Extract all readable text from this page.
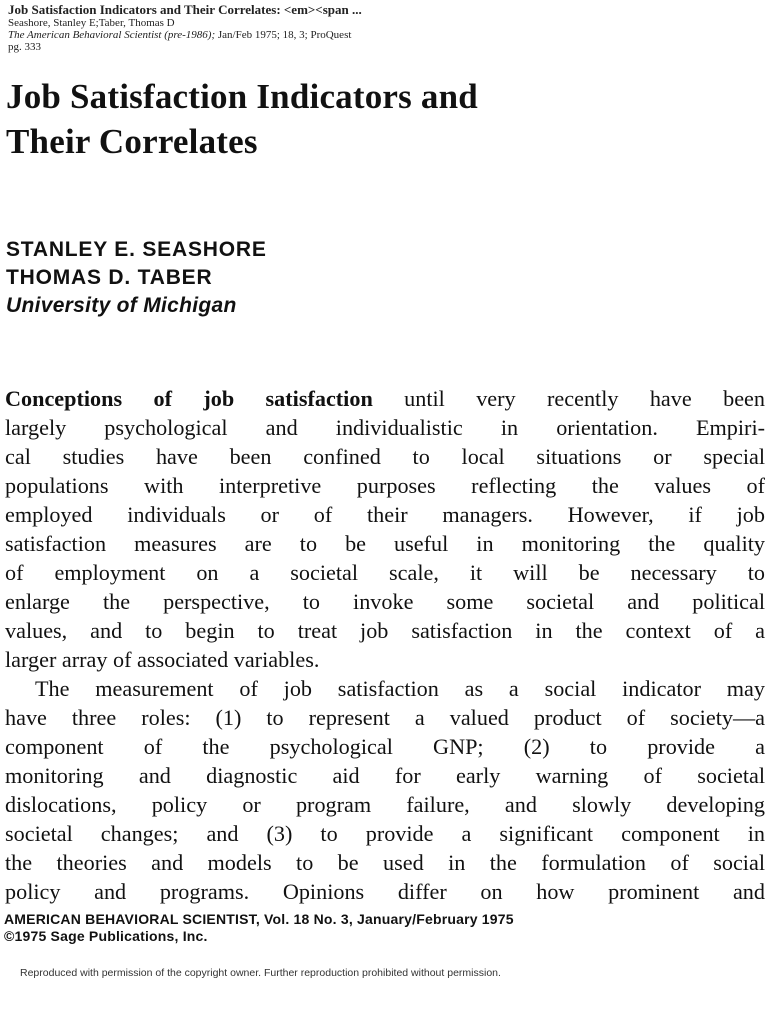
Job Satisfaction Indicators and Their Correlates: <em><span ...
Seashore, Stanley E;Taber, Thomas D
The American Behavioral Scientist (pre-1986); Jan/Feb 1975; 18, 3; ProQuest
pg. 333
Job Satisfaction Indicators and
Their Correlates
STANLEY E. SEASHORE
THOMAS D. TABER
University of Michigan
Conceptions of job satisfaction until very recently have been
largely psychological and individualistic in orientation. Empiri-
cal studies have been confined to local situations or special
populations with interpretive purposes reflecting the values of
employed individuals or of their managers. However, if job
satisfaction measures are to be useful in monitoring the quality
of employment on a societal scale, it will be necessary to
enlarge the perspective, to invoke some societal and political
values, and to begin to treat job satisfaction in the context of a
larger array of associated variables.
The measurement of job satisfaction as a social indicator may
have three roles: (1) to represent a valued product of society—a
component of the psychological GNP; (2) to provide a
monitoring and diagnostic aid for early warning of societal
dislocations, policy or program failure, and slowly developing
societal changes; and (3) to provide a significant component in
the theories and models to be used in the formulation of social
policy and programs. Opinions differ on how prominent and
AMERICAN BEHAVIORAL SCIENTIST, Vol. 18 No. 3, January/February 1975
©1975 Sage Publications, Inc.
Reproduced with permission of the copyright owner. Further reproduction prohibited without permission.
